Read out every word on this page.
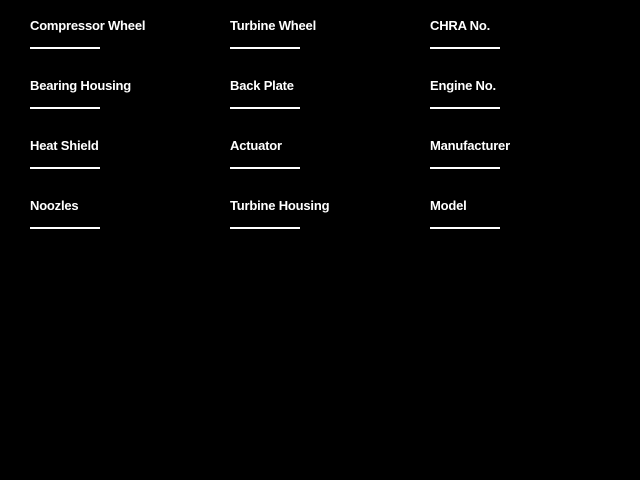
Compressor Wheel
Bearing Housing
Heat Shield
Noozles
Turbine Wheel
Back Plate
Actuator
Turbine Housing
CHRA No.
Engine No.
Manufacturer
Model
